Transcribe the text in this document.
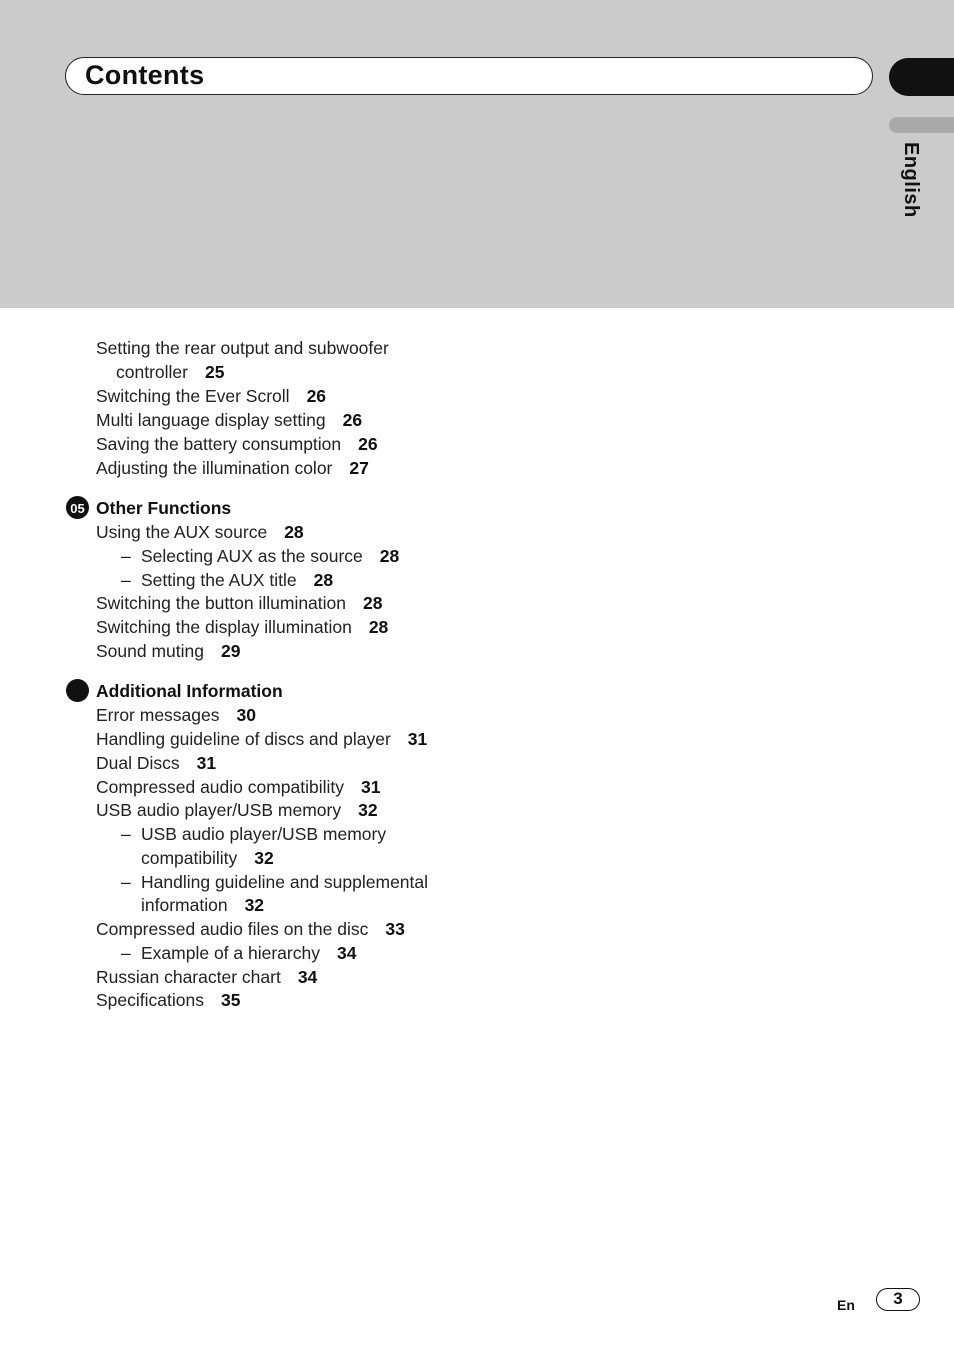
Contents
English
Setting the rear output and subwoofer
controller 25
Switching the Ever Scroll 26
Multi language display setting 26
Saving the battery consumption 26
Adjusting the illumination color 27
05 Other Functions
Using the AUX source 28
– Selecting AUX as the source 28
– Setting the AUX title 28
Switching the button illumination 28
Switching the display illumination 28
Sound muting 29
Additional Information
Error messages 30
Handling guideline of discs and player 31
Dual Discs 31
Compressed audio compatibility 31
USB audio player/USB memory 32
– USB audio player/USB memory
compatibility 32
– Handling guideline and supplemental
information 32
Compressed audio files on the disc 33
– Example of a hierarchy 34
Russian character chart 34
Specifications 35
En	3
